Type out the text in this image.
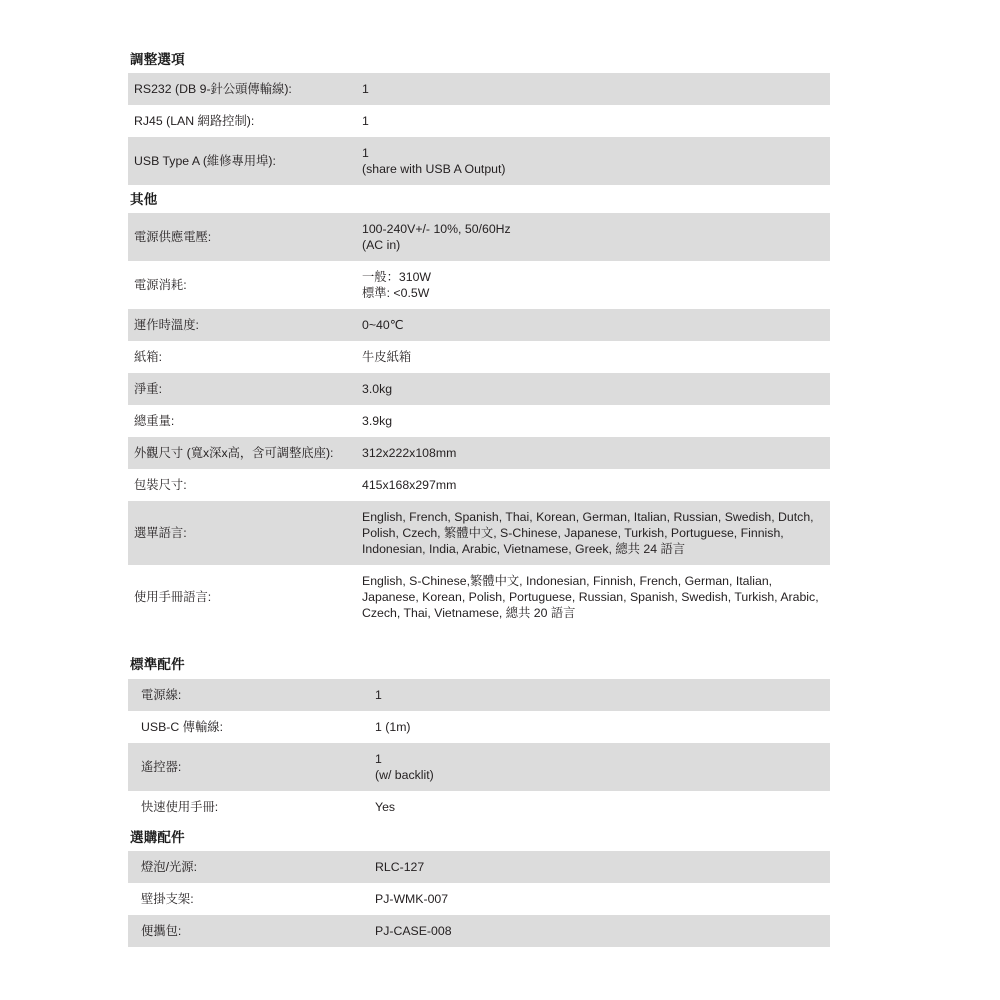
調整選項
RS232 (DB 9-針公頭傳輸線):	1

RJ45 (LAN 網路控制):	1

USB Type A (維修專用埠):	1
(share with USB A Output)
其他
電源供應電壓:	100-240V+/- 10%, 50/60Hz
(AC in)

電源消耗:	一般：310W
標準: <0.5W

運作時溫度:	0~40℃

紙箱:	牛皮紙箱

淨重:	3.0kg

總重量:	3.9kg

外觀尺寸 (寬x深x高，含可調整底座):	312x222x108mm

包裝尺寸:	415x168x297mm

選單語言:	English, French, Spanish, Thai, Korean, German, Italian, Russian, Swedish, Dutch, Polish, Czech, 繁體中文, S-Chinese, Japanese, Turkish, Portuguese, Finnish, Indonesian, India, Arabic, Vietnamese, Greek, 總共 24 語言

使用手冊語言:	English, S-Chinese,繁體中文, Indonesian, Finnish, French, German, Italian, Japanese, Korean, Polish, Portuguese, Russian, Spanish, Swedish, Turkish, Arabic, Czech, Thai, Vietnamese, 總共 20 語言
標準配件
電源線:	1

USB-C 傳輸線:	1 (1m)

遙控器:	1
(w/ backlit)

快速使用手冊:	Yes
選購配件
燈泡/光源:	RLC-127

壁掛支架:	PJ-WMK-007

便攜包:	PJ-CASE-008
